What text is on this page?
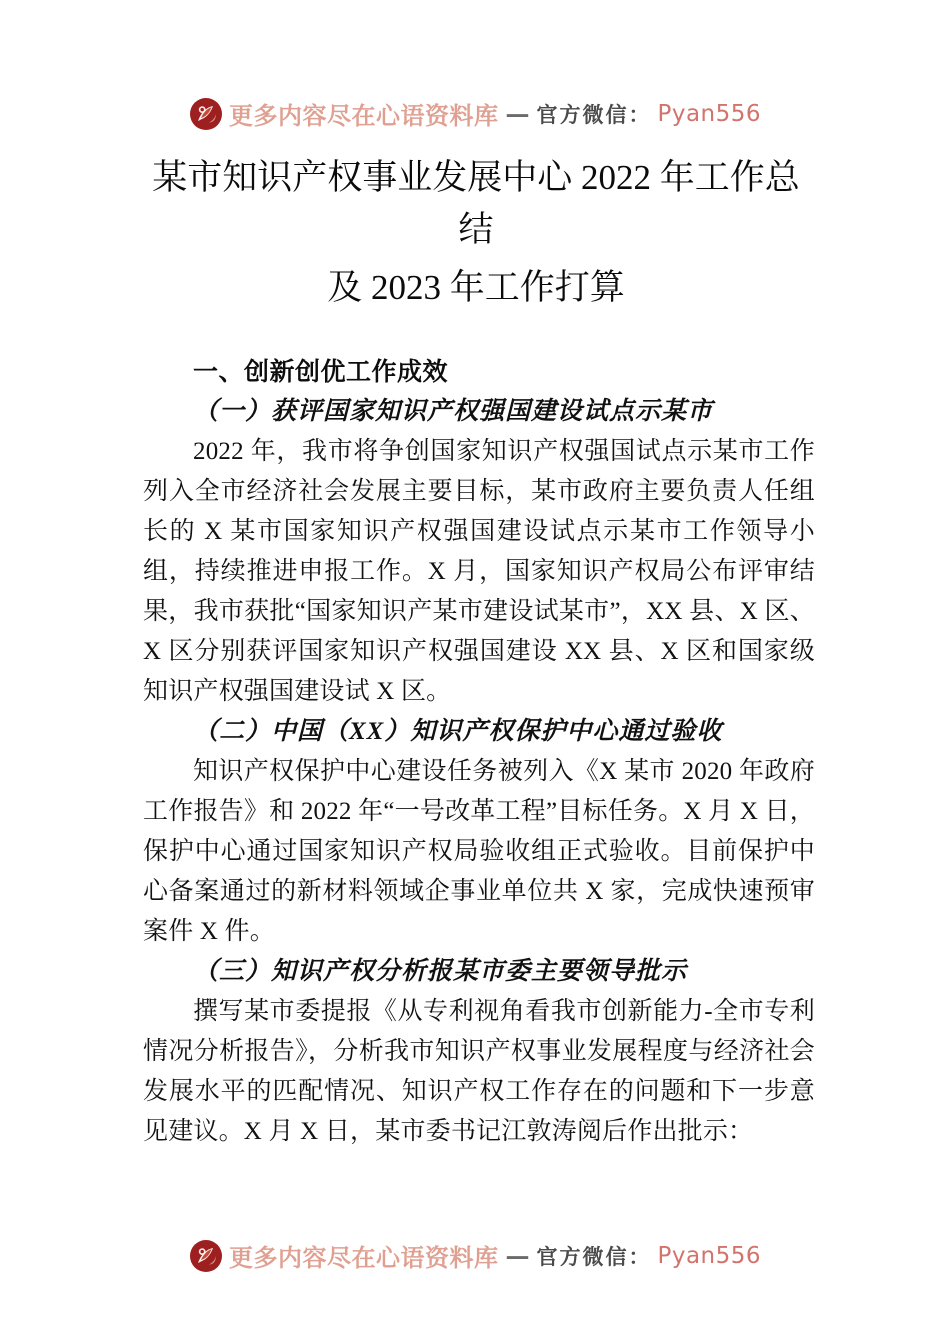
更多内容尽在心语资料库 — 官方微信： Pyan556
某市知识产权事业发展中心 2022 年工作总结
及 2023 年工作打算
一、创新创优工作成效
（一）获评国家知识产权强国建设试点示某市

2022 年，我市将争创国家知识产权强国试点示某市工作列入全市经济社会发展主要目标，某市政府主要负责人任组长的 X 某市国家知识产权强国建设试点示某市工作领导小组，持续推进申报工作。X 月，国家知识产权局公布评审结果，我市获批“国家知识产某市建设试某市”，XX 县、X 区、X 区分别获评国家知识产权强国建设 XX 县、X 区和国家级知识产权强国建设试 X 区。

（二）中国（XX）知识产权保护中心通过验收

知识产权保护中心建设任务被列入《X 某市 2020 年政府工作报告》和 2022 年“一号改革工程”目标任务。X 月 X 日，保护中心通过国家知识产权局验收组正式验收。目前保护中心备案通过的新材料领域企事业单位共 X 家，完成快速预审案件 X 件。

（三）知识产权分析报某市委主要领导批示

撰写某市委提报《从专利视角看我市创新能力-全市专利情况分析报告》，分析我市知识产权事业发展程度与经济社会发展水平的匹配情况、知识产权工作存在的问题和下一步意见建议。X 月 X 日，某市委书记江敦涛阅后作出批示：

更多内容尽在心语资料库 — 官方微信： Pyan556
